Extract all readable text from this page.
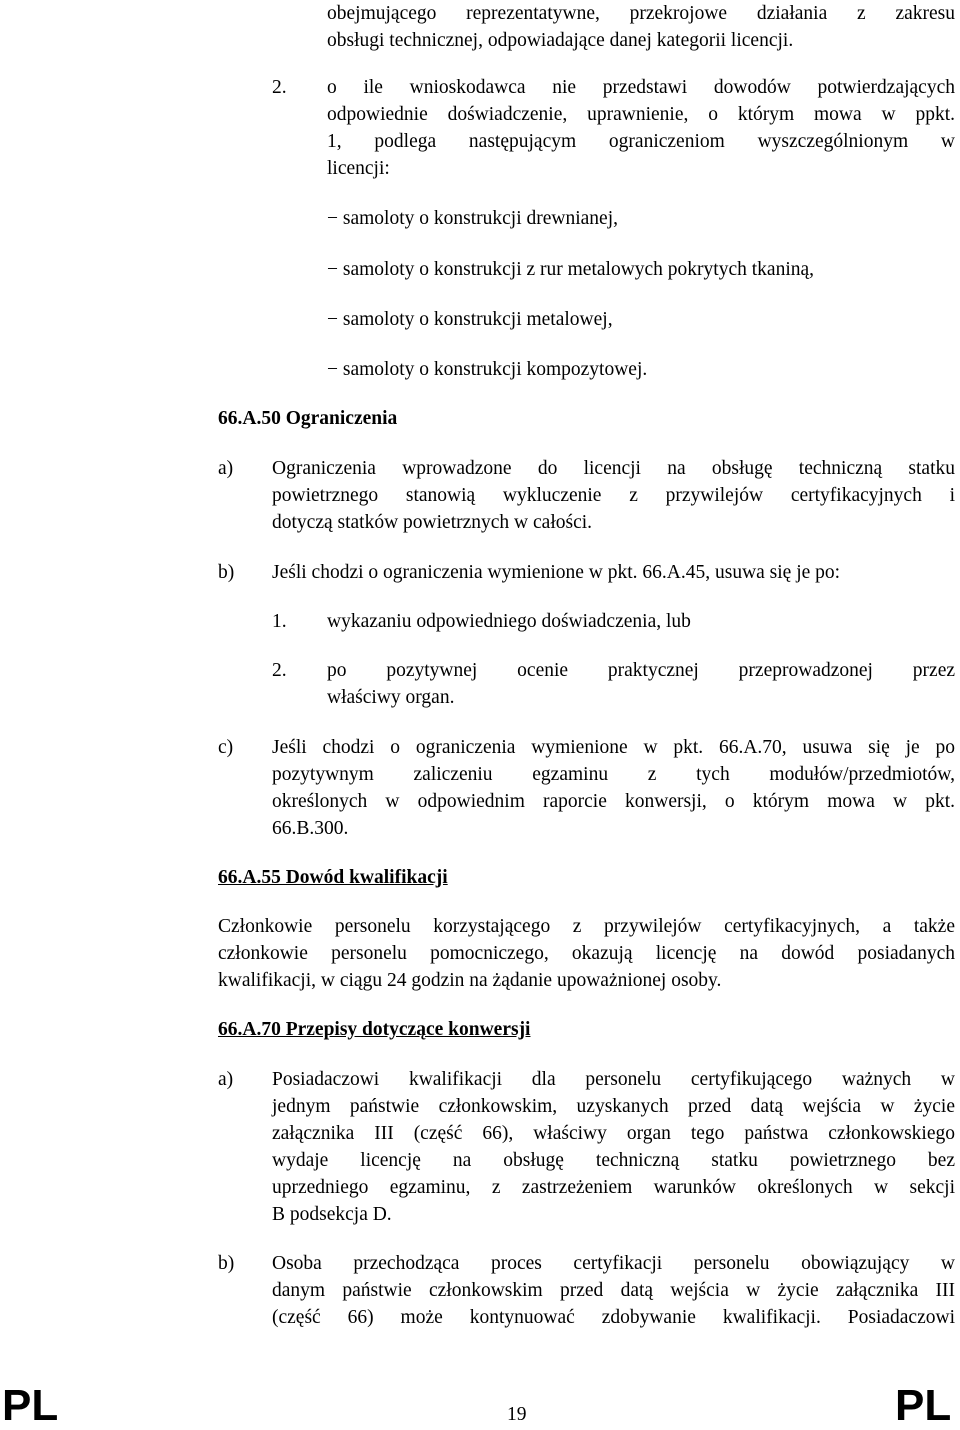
obejmującego reprezentatywne, przekrojowe działania z zakresu
obsługi technicznej, odpowiadające danej kategorii licencji.
2. o ile wnioskodawca nie przedstawi dowodów potwierdzających
odpowiednie doświadczenie, uprawnienie, o którym mowa w ppkt.
1, podlega następującym ograniczeniom wyszczególnionym w
licencji:
− samoloty o konstrukcji drewnianej,
− samoloty o konstrukcji z rur metalowych pokrytych tkaniną,
− samoloty o konstrukcji metalowej,
− samoloty o konstrukcji kompozytowej.
66.A.50 Ograniczenia
a) Ograniczenia wprowadzone do licencji na obsługę techniczną statku
powietrznego stanowią wykluczenie z przywilejów certyfikacyjnych i
dotyczą statków powietrznych w całości.
b) Jeśli chodzi o ograniczenia wymienione w pkt. 66.A.45, usuwa się je po:
1. wykazaniu odpowiedniego doświadczenia, lub
2. po pozytywnej ocenie praktycznej przeprowadzonej przez
właściwy organ.
c) Jeśli chodzi o ograniczenia wymienione w pkt. 66.A.70, usuwa się je po
pozytywnym zaliczeniu egzaminu z tych modułów/przedmiotów,
określonych w odpowiednim raporcie konwersji, o którym mowa w pkt.
66.B.300.
66.A.55 Dowód kwalifikacji
Członkowie personelu korzystającego z przywilejów certyfikacyjnych, a także
członkowie personelu pomocniczego, okazują licencję na dowód posiadanych
kwalifikacji, w ciągu 24 godzin na żądanie upoważnionej osoby.
66.A.70 Przepisy dotyczące konwersji
a) Posiadaczowi kwalifikacji dla personelu certyfikującego ważnych w
jednym państwie członkowskim, uzyskanych przed datą wejścia w życie
załącznika III (część 66), właściwy organ tego państwa członkowskiego
wydaje licencję na obsługę techniczną statku powietrznego bez
uprzedniego egzaminu, z zastrzeżeniem warunków określonych w sekcji
B podsekcja D.
b) Osoba przechodząca proces certyfikacji personelu obowiązujący w
danym państwie członkowskim przed datą wejścia w życie załącznika III
(część 66) może kontynuować zdobywanie kwalifikacji. Posiadaczowi
PL	19	PL
